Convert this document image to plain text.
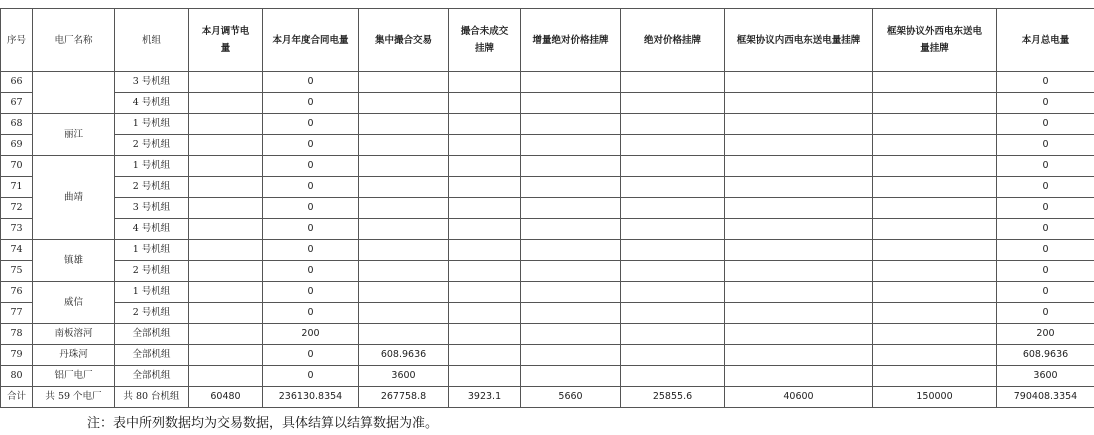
序号	电厂名称	机组	本月调节电量	本月年度合同电量	集中撮合交易	撮合未成交挂牌	增量绝对价格挂牌	绝对价格挂牌	框架协议内西电东送电量挂牌	框架协议外西电东送电量挂牌	本月总电量
66		3 号机组		0							0
67		4 号机组		0							0
68	丽江	1 号机组		0							0
69		2 号机组		0							0
70	曲靖	1 号机组		0							0
71		2 号机组		0							0
72		3 号机组		0							0
73		4 号机组		0							0
74	镇雄	1 号机组		0							0
75		2 号机组		0							0
76	威信	1 号机组		0							0
77		2 号机组		0							0
78	南板溶河	全部机组		200							200
79	丹珠河	全部机组		0	608.9636						608.9636
80	铝厂电厂	全部机组		0	3600						3600
合计	共 59 个电厂	共 80 台机组	60480	236130.8354	267758.8	3923.1	5660	25855.6	40600	150000	790408.3354
注：表中所列数据均为交易数据，具体结算以结算数据为准。
